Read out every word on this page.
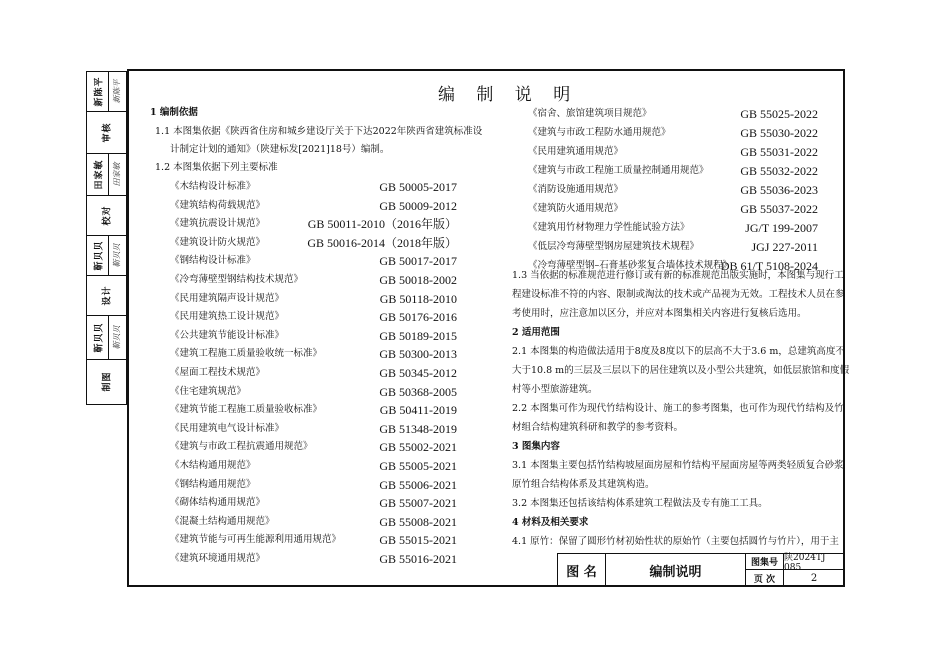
新陈平 新陈平
审核
田家敏 田家敏
校对
靳贝贝 靳贝贝
设计
靳贝贝 靳贝贝
制图
编 制 说 明
1 编制依据
1.1 本图集依据《陕西省住房和城乡建设厅关于下达2022年陕西省建筑标准设
计制定计划的通知》（陕建标发[2021]18号）编制。
1.2 本图集依据下列主要标准
《木结构设计标准》	GB 50005-2017
《建筑结构荷载规范》	GB 50009-2012
《建筑抗震设计规范》	GB 50011-2010（2016年版）
《建筑设计防火规范》	GB 50016-2014（2018年版）
《钢结构设计标准》	GB 50017-2017
《冷弯薄壁型钢结构技术规范》	GB 50018-2002
《民用建筑隔声设计规范》	GB 50118-2010
《民用建筑热工设计规范》	GB 50176-2016
《公共建筑节能设计标准》	GB 50189-2015
《建筑工程施工质量验收统一标准》	GB 50300-2013
《屋面工程技术规范》	GB 50345-2012
《住宅建筑规范》	GB 50368-2005
《建筑节能工程施工质量验收标准》	GB 50411-2019
《民用建筑电气设计标准》	GB 51348-2019
《建筑与市政工程抗震通用规范》	GB 55002-2021
《木结构通用规范》	GB 55005-2021
《钢结构通用规范》	GB 55006-2021
《砌体结构通用规范》	GB 55007-2021
《混凝土结构通用规范》	GB 55008-2021
《建筑节能与可再生能源利用通用规范》	GB 55015-2021
《建筑环境通用规范》	GB 55016-2021
《宿舍、旅馆建筑项目规范》	GB 55025-2022
《建筑与市政工程防水通用规范》	GB 55030-2022
《民用建筑通用规范》	GB 55031-2022
《建筑与市政工程施工质量控制通用规范》	GB 55032-2022
《消防设施通用规范》	GB 55036-2023
《建筑防火通用规范》	GB 55037-2022
《建筑用竹材物理力学性能试验方法》	JG/T 199-2007
《低层冷弯薄壁型钢房屋建筑技术规程》	JGJ 227-2011
《冷弯薄壁型钢–石膏基砂浆复合墙体技术规程》
DB 61/T 5108-2024
1.3 当依据的标准规范进行修订或有新的标准规范出版实施时，本图集与现行工
程建设标准不符的内容、限制或淘汰的技术或产品视为无效。工程技术人员在参
考使用时，应注意加以区分，并应对本图集相关内容进行复核后选用。
2 适用范围
2.1 本图集的构造做法适用于8度及8度以下的层高不大于3.6 m，总建筑高度不
大于10.8 m的三层及三层以下的居住建筑以及小型公共建筑，如低层旅馆和度假
村等小型旅游建筑。
2.2 本图集可作为现代竹结构设计、施工的参考图集，也可作为现代竹结构及竹
材组合结构建筑科研和教学的参考资料。
3 图集内容
3.1 本图集主要包括竹结构坡屋面房屋和竹结构平屋面房屋等两类轻质复合砂浆
原竹组合结构体系及其建筑构造。
3.2 本图集还包括该结构体系建筑工程做法及专有施工工具。
4 材料及相关要求
4.1 原竹：保留了圆形竹材初始性状的原始竹（主要包括圆竹与竹片），用于主
图 名	编制说明
图集号 陕2024TJ 085
页 次	2
